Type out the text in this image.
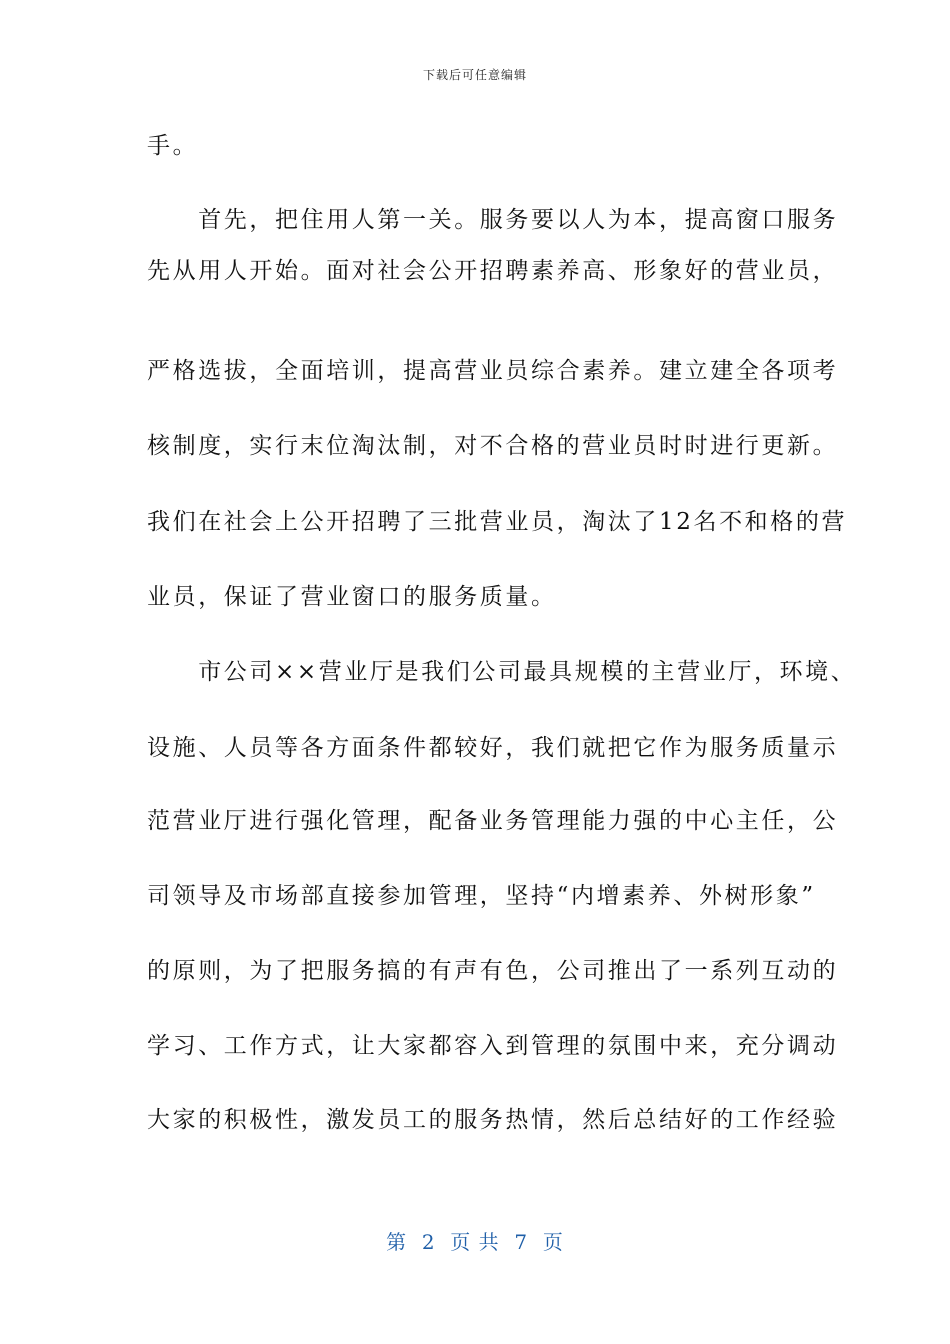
下载后可任意编辑
手。
　　首先，把住用人第一关。服务要以人为本，提高窗口服务
先从用人开始。面对社会公开招聘素养高、形象好的营业员，
严格选拔，全面培训，提高营业员综合素养。建立建全各项考
核制度，实行末位淘汰制，对不合格的营业员时时进行更新。
我们在社会上公开招聘了三批营业员，淘汰了12名不和格的营
业员，保证了营业窗口的服务质量。
　　市公司××营业厅是我们公司最具规模的主营业厅，环境、
设施、人员等各方面条件都较好，我们就把它作为服务质量示
范营业厅进行强化管理，配备业务管理能力强的中心主任，公
司领导及市场部直接参加管理，坚持“内增素养、外树形象”
的原则，为了把服务搞的有声有色，公司推出了一系列互动的
学习、工作方式，让大家都容入到管理的氛围中来，充分调动
大家的积极性，激发员工的服务热情，然后总结好的工作经验
第  2  页 共  7  页
